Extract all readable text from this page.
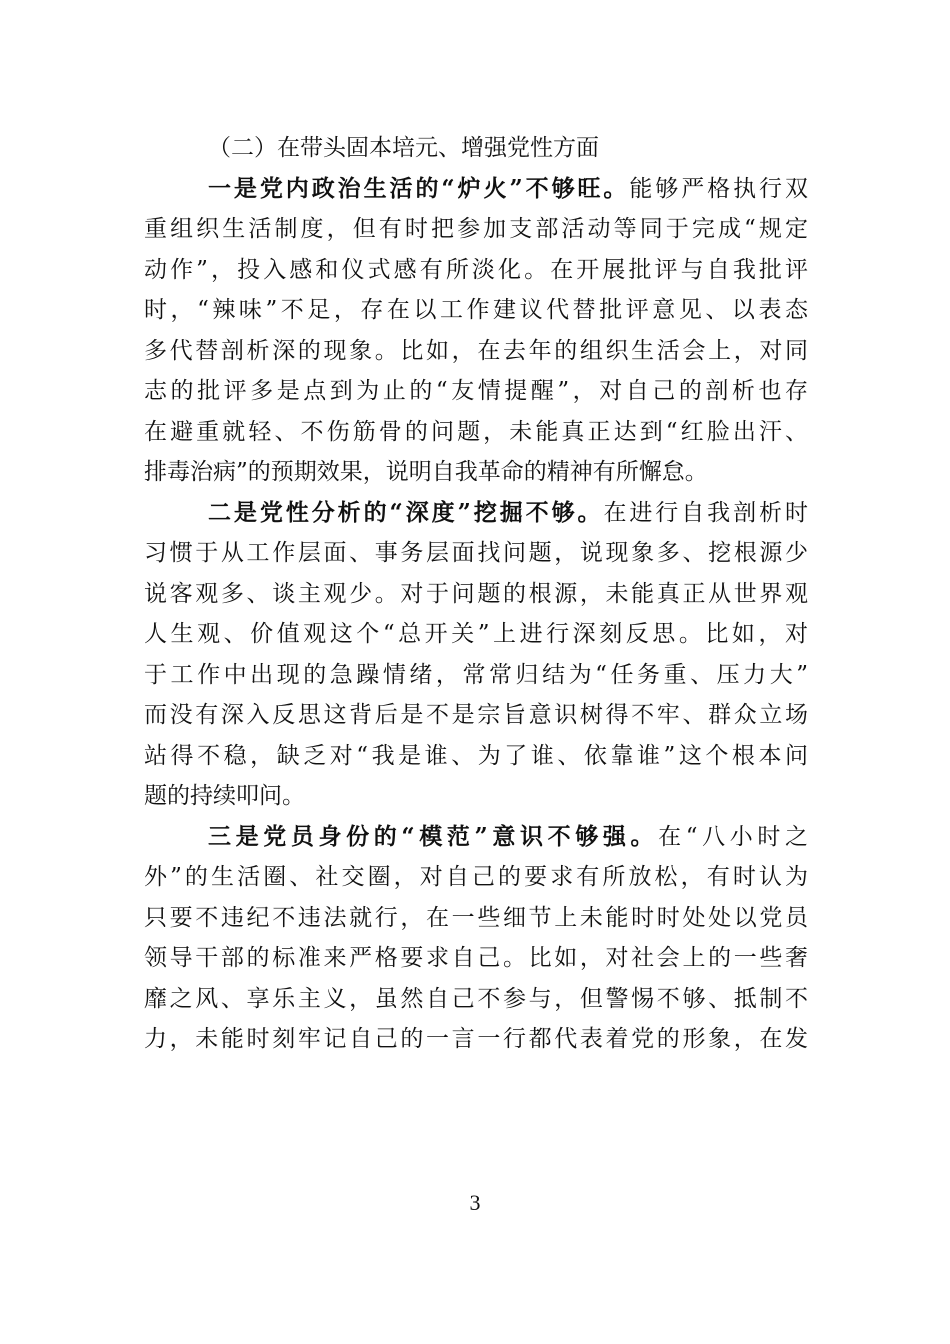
（二）在带头固本培元、增强党性方面
一是党内政治生活的“炉火”不够旺。能够严格执行双
重组织生活制度，但有时把参加支部活动等同于完成“规定
动作”，投入感和仪式感有所淡化。在开展批评与自我批评
时，“辣味”不足，存在以工作建议代替批评意见、以表态
多代替剖析深的现象。比如，在去年的组织生活会上，对同
志的批评多是点到为止的“友情提醒”，对自己的剖析也存
在避重就轻、不伤筋骨的问题，未能真正达到“红脸出汗、
排毒治病”的预期效果，说明自我革命的精神有所懈怠。
二是党性分析的“深度”挖掘不够。在进行自我剖析时
习惯于从工作层面、事务层面找问题，说现象多、挖根源少
说客观多、谈主观少。对于问题的根源，未能真正从世界观
人生观、价值观这个“总开关”上进行深刻反思。比如，对
于工作中出现的急躁情绪，常常归结为“任务重、压力大”
而没有深入反思这背后是不是宗旨意识树得不牢、群众立场
站得不稳，缺乏对“我是谁、为了谁、依靠谁”这个根本问
题的持续叩问。
三是党员身份的“模范”意识不够强。在“八小时之
外”的生活圈、社交圈，对自己的要求有所放松，有时认为
只要不违纪不违法就行，在一些细节上未能时时处处以党员
领导干部的标准来严格要求自己。比如，对社会上的一些奢
靡之风、享乐主义，虽然自己不参与，但警惕不够、抵制不
力，未能时刻牢记自己的一言一行都代表着党的形象，在发
3
